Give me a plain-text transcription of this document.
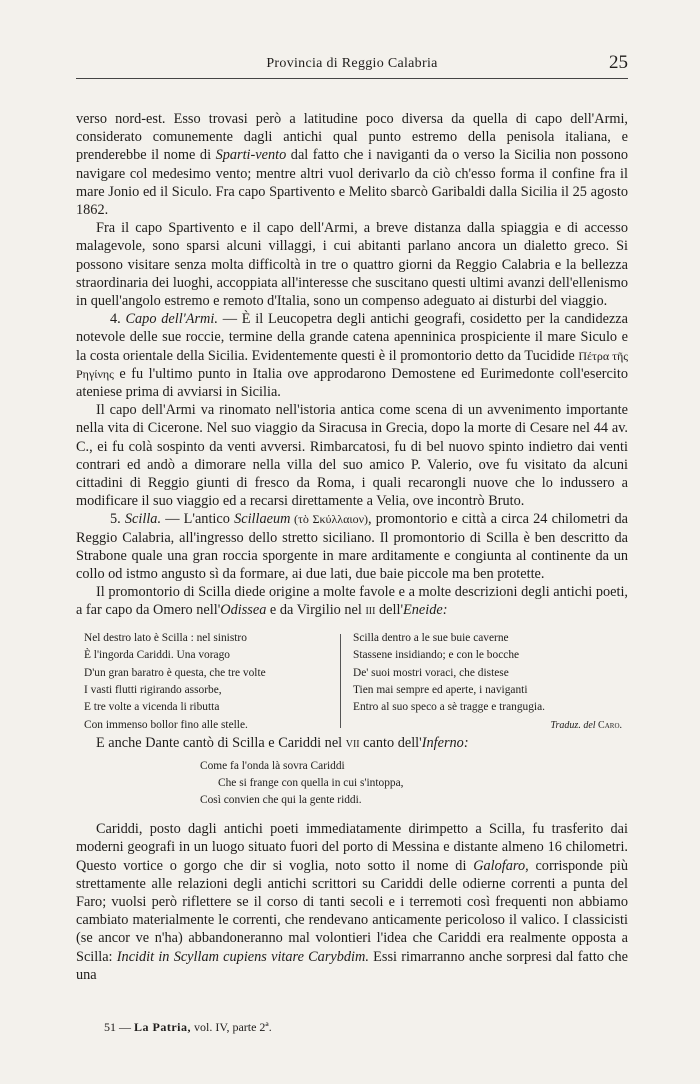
Provincia di Reggio Calabria	25

verso nord-est. Esso trovasi però a latitudine poco diversa da quella di capo dell'Armi, considerato comunemente dagli antichi qual punto estremo della penisola italiana, e prenderebbe il nome di Sparti-vento dal fatto che i naviganti da o verso la Sicilia non possono navigare col medesimo vento; mentre altri vuol derivarlo da ciò ch'esso forma il confine fra il mare Jonio ed il Siculo. Fra capo Spartivento e Melito sbarcò Garibaldi dalla Sicilia il 25 agosto 1862.

Fra il capo Spartivento e il capo dell'Armi, a breve distanza dalla spiaggia e di accesso malagevole, sono sparsi alcuni villaggi, i cui abitanti parlano ancora un dialetto greco. Si possono visitare senza molta difficoltà in tre o quattro giorni da Reggio Calabria e la bellezza straordinaria dei luoghi, accoppiata all'interesse che suscitano questi ultimi avanzi dell'ellenismo in quell'angolo estremo e remoto d'Italia, sono un compenso adeguato ai disturbi del viaggio.

4. Capo dell'Armi. — È il Leucopetra degli antichi geografi, cosidetto per la candidezza notevole delle sue roccie, termine della grande catena apenninica prospiciente il mare Siculo e la costa orientale della Sicilia. Evidentemente questi è il promontorio detto da Tucidide Πέτρα τῆς Ρηγίνης e fu l'ultimo punto in Italia ove approdarono Demostene ed Eurimedonte coll'esercito ateniese prima di avviarsi in Sicilia.

Il capo dell'Armi va rinomato nell'istoria antica come scena di un avvenimento importante nella vita di Cicerone. Nel suo viaggio da Siracusa in Grecia, dopo la morte di Cesare nel 44 av. C., ei fu colà sospinto da venti avversi. Rimbarcatosi, fu di bel nuovo spinto indietro dai venti contrari ed andò a dimorare nella villa del suo amico P. Valerio, ove fu visitato da alcuni cittadini di Reggio giunti di fresco da Roma, i quali recarongli nuove che lo indussero a modificare il suo viaggio ed a recarsi direttamente a Velia, ove incontrò Bruto.

5. Scilla. — L'antico Scillaeum (τὸ Σκύλλαιον), promontorio e città a circa 24 chilometri da Reggio Calabria, all'ingresso dello stretto siciliano. Il promontorio di Scilla è ben descritto da Strabone quale una gran roccia sporgente in mare arditamente e congiunta al continente da un collo od istmo angusto sì da formare, ai due lati, due baie piccole ma ben protette.

Il promontorio di Scilla diede origine a molte favole e a molte descrizioni degli antichi poeti, a far capo da Omero nell'Odissea e da Virgilio nel III dell'Eneide:

Nel destro lato è Scilla : nel sinistro
È l'ingorda Cariddi. Una vorago
D'un gran baratro è questa, che tre volte
I vasti flutti rigirando assorbe,
E tre volte a vicenda li ributta
Con immenso bollor fino alle stelle.
Scilla dentro a le sue buie caverne
Stassene insidiando; e con le bocche
De' suoi mostri voraci, che distese
Tien mai sempre ed aperte, i naviganti
Entro al suo speco a sè tragge e trangugia.
Traduz. del Caro.

E anche Dante cantò di Scilla e Cariddi nel VII canto dell'Inferno:

Come fa l'onda là sovra Cariddi
Che si frange con quella in cui s'intoppa,
Così convien che qui la gente riddi.

Cariddi, posto dagli antichi poeti immediatamente dirimpetto a Scilla, fu trasferito dai moderni geografi in un luogo situato fuori del porto di Messina e distante almeno 16 chilometri. Questo vortice o gorgo che dir si voglia, noto sotto il nome di Galofaro, corrisponde più strettamente alle relazioni degli antichi scrittori su Cariddi delle odierne correnti a punta del Faro; vuolsi però riflettere se il corso di tanti secoli e i terremoti così frequenti non abbiamo cambiato materialmente le correnti, che rendevano anticamente pericoloso il valico. I classicisti (se ancor ve n'ha) abbandoneranno mal volontieri l'idea che Cariddi era realmente opposta a Scilla: Incidit in Scyllam cupiens vitare Carybdim. Essi rimarranno anche sorpresi dal fatto che una

51 — La Patria, vol. IV, parte 2ª.
